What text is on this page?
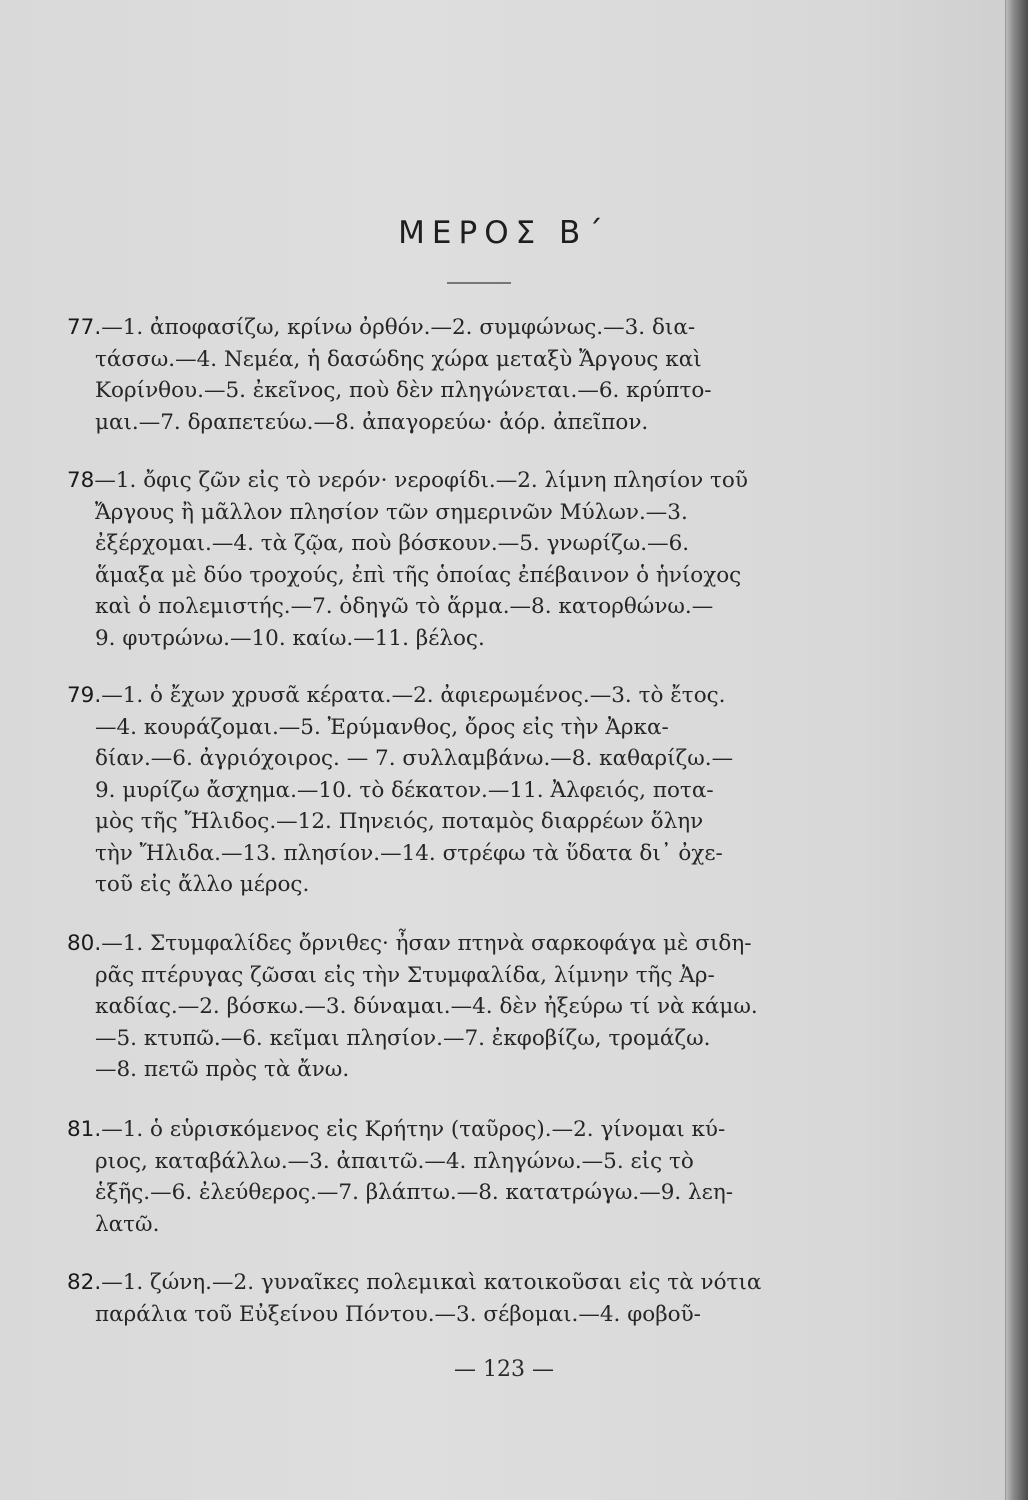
ΜΕΡΟΣ Β΄
77.—1. ἀποφασίζω, κρίνω ὀρθόν.—2. συμφώνως.—3. δια-
τάσσω.—4. Νεμέα, ἡ δασώδης χώρα μεταξὺ Ἄργους καὶ
Κορίνθου.—5. ἐκεῖνος, ποὺ δὲν πληγώνεται.—6. κρύπτο-
μαι.—7. δραπετεύω.—8. ἀπαγορεύω· ἀόρ. ἀπεῖπον.
78—1. ὄφις ζῶν εἰς τὸ νερόν· νεροφίδι.—2. λίμνη πλησίον τοῦ
Ἄργους ἢ μᾶλλον πλησίον τῶν σημερινῶν Μύλων.—3.
ἐξέρχομαι.—4. τὰ ζῷα, ποὺ βόσκουν.—5. γνωρίζω.—6.
ἅμαξα μὲ δύο τροχούς, ἐπὶ τῆς ὁποίας ἐπέβαινον ὁ ἡνίοχος
καὶ ὁ πολεμιστής.—7. ὁδηγῶ τὸ ἅρμα.—8. κατορθώνω.—
9. φυτρώνω.—10. καίω.—11. βέλος.
79.—1. ὁ ἔχων χρυσᾶ κέρατα.—2. ἀφιερωμένος.—3. τὸ ἔτος.
—4. κουράζομαι.—5. Ἐρύμανθος, ὄρος εἰς τὴν Ἀρκα-
δίαν.—6. ἀγριόχοιρος. — 7. συλλαμβάνω.—8. καθαρίζω.—
9. μυρίζω ἄσχημα.—10. τὸ δέκατον.—11. Ἀλφειός, ποτα-
μὸς τῆς Ἤλιδος.—12. Πηνειός, ποταμὸς διαρρέων ὅλην
τὴν Ἤλιδα.—13. πλησίον.—14. στρέφω τὰ ὕδατα δι᾿ ὀχε-
τοῦ εἰς ἄλλο μέρος.
80.—1. Στυμφαλίδες ὄρνιθες· ἦσαν πτηνὰ σαρκοφάγα μὲ σιδη-
ρᾶς πτέρυγας ζῶσαι εἰς τὴν Στυμφαλίδα, λίμνην τῆς Ἀρ-
καδίας.—2. βόσκω.—3. δύναμαι.—4. δὲν ἠξεύρω τί νὰ κάμω.
—5. κτυπῶ.—6. κεῖμαι πλησίον.—7. ἐκφοβίζω, τρομάζω.
—8. πετῶ πρὸς τὰ ἄνω.
81.—1. ὁ εὑρισκόμενος εἰς Κρήτην (ταῦρος).—2. γίνομαι κύ-
ριος, καταβάλλω.—3. ἀπαιτῶ.—4. πληγώνω.—5. εἰς τὸ
ἑξῆς.—6. ἐλεύθερος.—7. βλάπτω.—8. κατατρώγω.—9. λεη-
λατῶ.
82.—1. ζώνη.—2. γυναῖκες πολεμικαὶ κατοικοῦσαι εἰς τὰ νότια
παράλια τοῦ Εὐξείνου Πόντου.—3. σέβομαι.—4. φοβοῦ-
— 123 —
